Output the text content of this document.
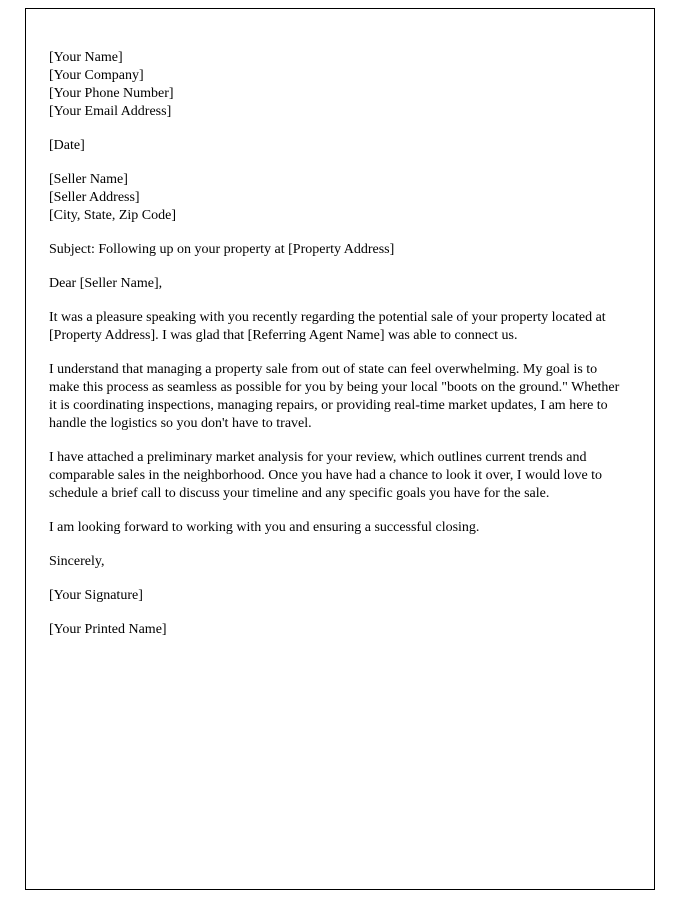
[Your Name]
[Your Company]
[Your Phone Number]
[Your Email Address]
[Date]
[Seller Name]
[Seller Address]
[City, State, Zip Code]
Subject: Following up on your property at [Property Address]
Dear [Seller Name],

It was a pleasure speaking with you recently regarding the potential sale of your property located at [Property Address]. I was glad that [Referring Agent Name] was able to connect us.

I understand that managing a property sale from out of state can feel overwhelming. My goal is to make this process as seamless as possible for you by being your local "boots on the ground." Whether it is coordinating inspections, managing repairs, or providing real-time market updates, I am here to handle the logistics so you don't have to travel.

I have attached a preliminary market analysis for your review, which outlines current trends and comparable sales in the neighborhood. Once you have had a chance to look it over, I would love to schedule a brief call to discuss your timeline and any specific goals you have for the sale.

I am looking forward to working with you and ensuring a successful closing.

Sincerely,
[Your Signature]
[Your Printed Name]
